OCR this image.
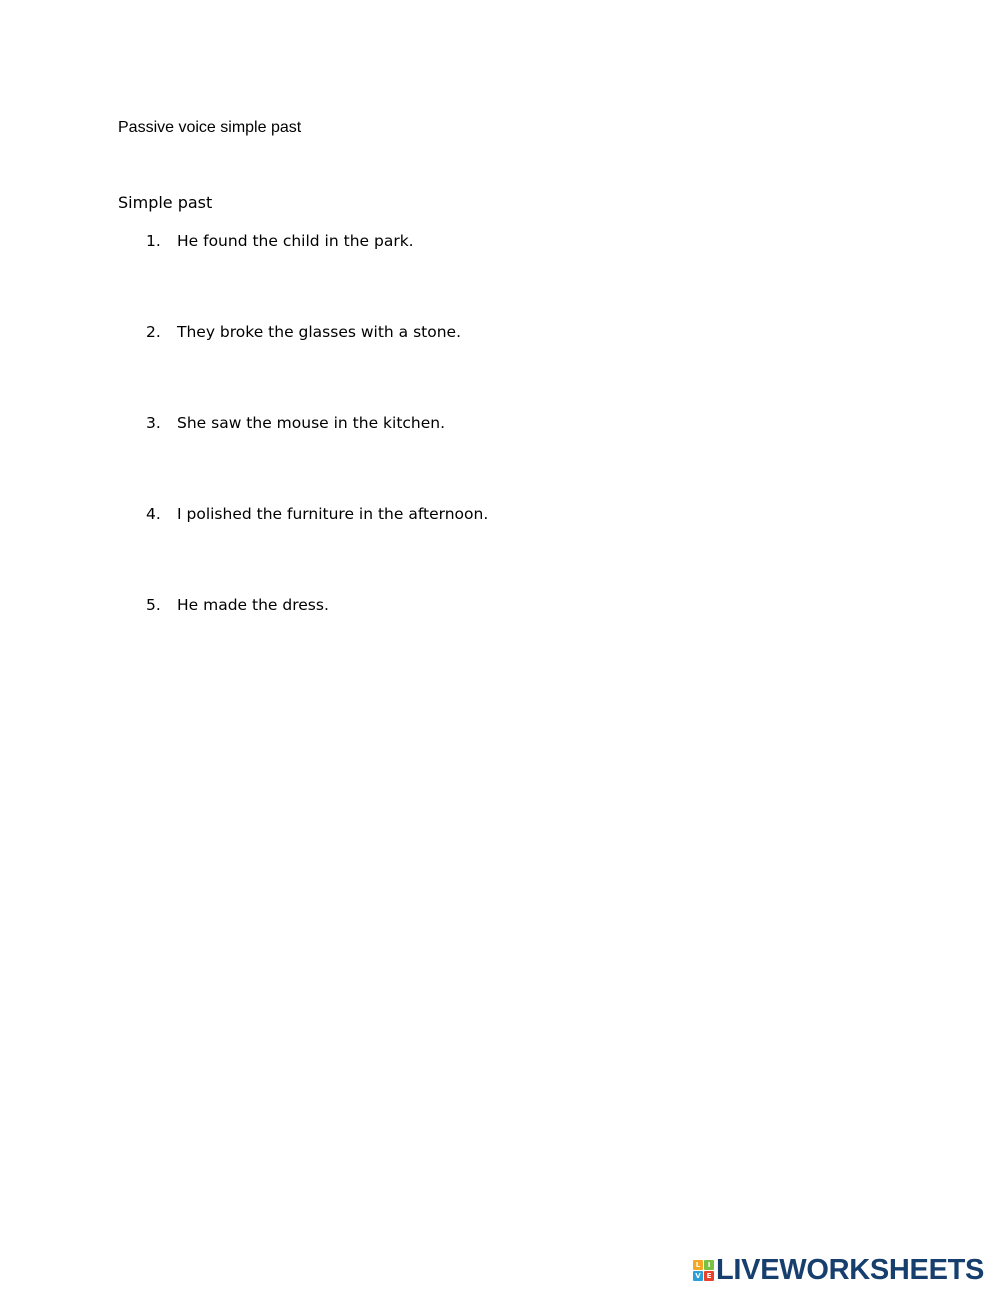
Passive voice simple past
Simple past
1. He found the child in the park.
2. They broke the glasses with a stone.
3. She saw the mouse in the kitchen.
4. I polished the furniture in the afternoon.
5. He made the dress.
L	I
V E LIVEWORKSHEETS
